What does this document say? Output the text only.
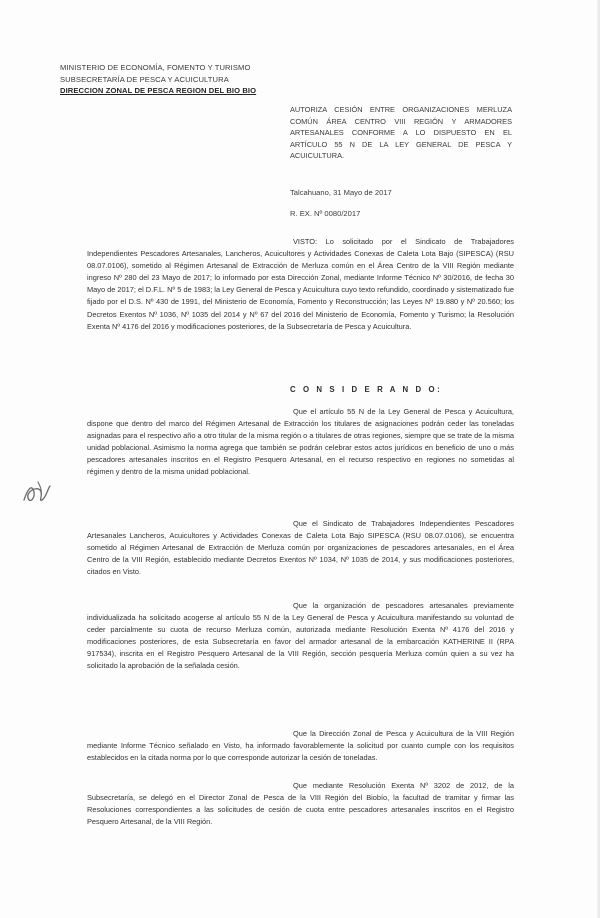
MINISTERIO DE ECONOMÍA, FOMENTO Y TURISMO
SUBSECRETARÍA DE PESCA Y ACUICULTURA
DIRECCION ZONAL DE PESCA REGION DEL BIO BIO
AUTORIZA CESIÓN ENTRE ORGANIZACIONES MERLUZA COMÚN ÁREA CENTRO VIII REGIÓN Y ARMADORES ARTESANALES CONFORME A LO DISPUESTO EN EL ARTÍCULO 55 N DE LA LEY GENERAL DE PESCA Y ACUICULTURA.
Talcahuano, 31 Mayo de 2017
R. EX. Nº 0080/2017
VISTO: Lo solicitado por el Sindicato de Trabajadores Independientes Pescadores Artesanales, Lancheros, Acuicultores y Actividades Conexas de Caleta Lota Bajo (SIPESCA) (RSU 08.07.0106), sometido al Régimen Artesanal de Extracción de Merluza común en el Área Centro de la VIII Región mediante ingreso Nº 280 del 23 Mayo de 2017; lo informado por esta Dirección Zonal, mediante Informe Técnico Nº 30/2016, de fecha 30 Mayo de 2017; el D.F.L. Nº 5 de 1983; la Ley General de Pesca y Acuicultura cuyo texto refundido, coordinado y sistematizado fue fijado por el D.S. Nº 430 de 1991, del Ministerio de Economía, Fomento y Reconstrucción; las Leyes Nº 19.880 y Nº 20.560; los Decretos Exentos Nº 1036, Nº 1035 del 2014 y Nº 67 del 2016 del Ministerio de Economía, Fomento y Turismo; la Resolución Exenta Nº 4176 del 2016 y modificaciones posteriores, de la Subsecretaría de Pesca y Acuicultura.
C O N S I D E R A N D O:
Que el artículo 55 N de la Ley General de Pesca y Acuicultura, dispone que dentro del marco del Régimen Artesanal de Extracción los titulares de asignaciones podrán ceder las toneladas asignadas para el respectivo año a otro titular de la misma región o a titulares de otras regiones, siempre que se trate de la misma unidad poblacional. Asimismo la norma agrega que también se podrán celebrar estos actos jurídicos en beneficio de uno o más pescadores artesanales inscritos en el Registro Pesquero Artesanal, en el recurso respectivo en regiones no sometidas al régimen y dentro de la misma unidad poblacional.
Que el Sindicato de Trabajadores Independientes Pescadores Artesanales Lancheros, Acuicultores y Actividades Conexas de Caleta Lota Bajo SIPESCA (RSU 08.07.0106), se encuentra sometido al Régimen Artesanal de Extracción de Merluza común por organizaciones de pescadores artesanales, en el Área Centro de la VIII Región, establecido mediante Decretos Exentos Nº 1034, Nº 1035 de 2014, y sus modificaciones posteriores, citados en Visto.
Que la organización de pescadores artesanales previamente individualizada ha solicitado acogerse al artículo 55 N de la Ley General de Pesca y Acuicultura manifestando su voluntad de ceder parcialmente su cuota de recurso Merluza común, autorizada mediante Resolución Exenta Nº 4176 del 2016 y modificaciones posteriores, de esta Subsecretaría en favor del armador artesanal de la embarcación KATHERINE II (RPA 917534), inscrita en el Registro Pesquero Artesanal de la VIII Región, sección pesquería Merluza común quien a su vez ha solicitado la aprobación de la señalada cesión.
Que la Dirección Zonal de Pesca y Acuicultura de la VIII Región mediante Informe Técnico señalado en Visto, ha informado favorablemente la solicitud por cuanto cumple con los requisitos establecidos en la citada norma por lo que corresponde autorizar la cesión de toneladas.
Que mediante Resolución Exenta Nº 3202 de 2012, de la Subsecretaría, se delegó en el Director Zonal de Pesca de la VIII Región del Biobío, la facultad de tramitar y firmar las Resoluciones correspondientes a las solicitudes de cesión de cuota entre pescadores artesanales inscritos en el Registro Pesquero Artesanal, de la VIII Región.
